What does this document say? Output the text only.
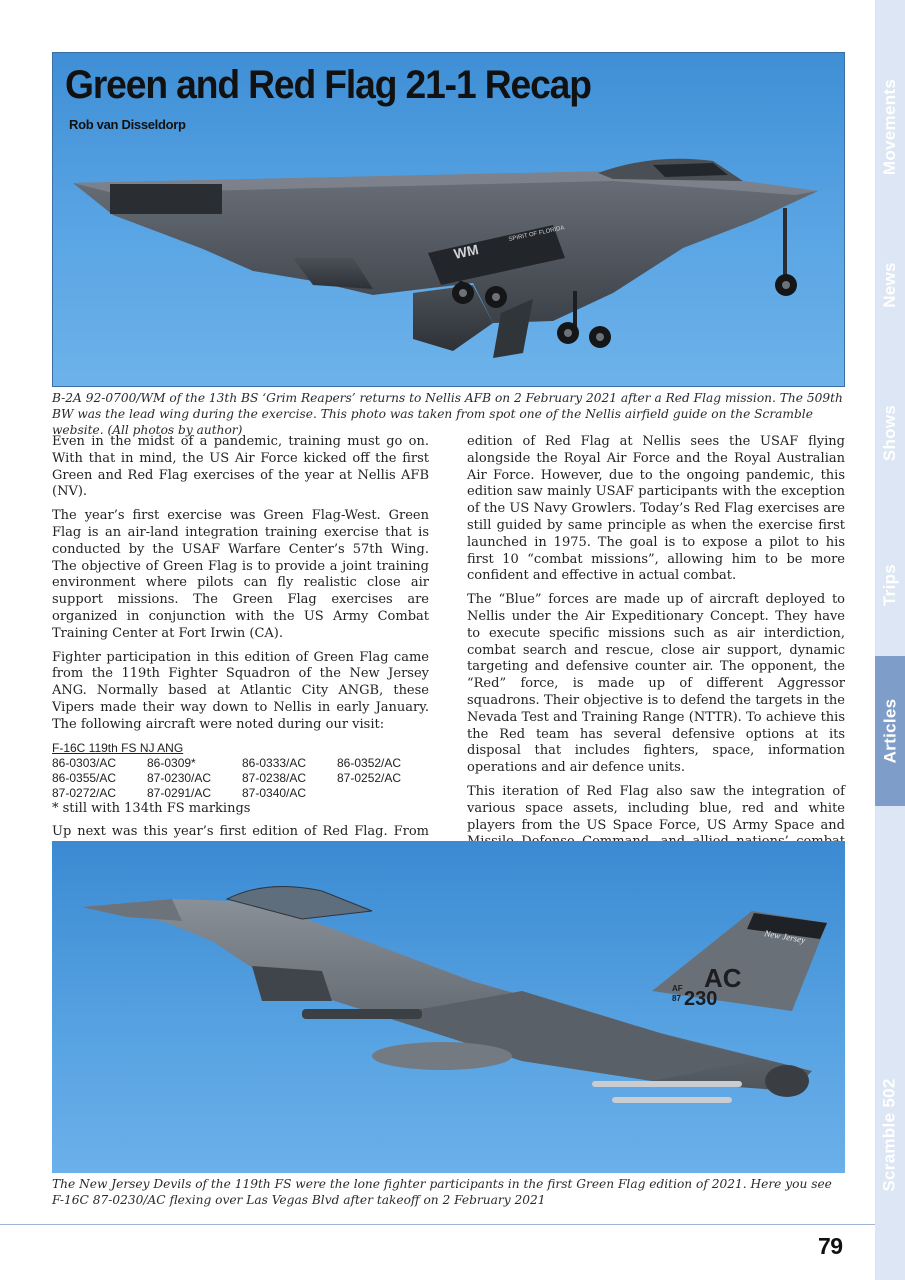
WM
SPIRIT OF FLORIDA
Green and Red Flag 21-1 Recap
Rob van Disseldorp
B-2A 92-0700/WM of the 13th BS ‘Grim Reapers’ returns to Nellis AFB on 2 February 2021 after a Red Flag mission. The 509th BW was the lead wing during the exercise. This photo was taken from spot one of the Nellis airfield guide on the Scramble website. (All photos by author)

Even in the midst of a pandemic, training must go on. With that in mind, the US Air Force kicked off the first Green and Red Flag exercises of the year at Nellis AFB (NV).

The year’s first exercise was Green Flag-West. Green Flag is an air-land integration training exercise that is conducted by the USAF Warfare Center’s 57th Wing. The objective of Green Flag is to provide a joint training environment where pilots can fly realistic close air support missions. The Green Flag exercises are organized in conjunction with the US Army Combat Training Center at Fort Irwin (CA).

Fighter participation in this edition of Green Flag came from the 119th Fighter Squadron of the New Jersey ANG. Normally based at Atlantic City ANGB, these Vipers made their way down to Nellis in early January. The following aircraft were noted during our visit:

F-16C 119th FS NJ ANG
86-0303/AC	86-0309*	86-0333/AC	86-0352/AC
86-0355/AC	87-0230/AC	87-0238/AC	87-0252/AC
87-0272/AC	87-0291/AC	87-0340/AC
* still with 134th FS markings

Up next was this year’s first edition of Red Flag. From

edition of Red Flag at Nellis sees the USAF flying alongside the Royal Air Force and the Royal Australian Air Force. However, due to the ongoing pandemic, this edition saw mainly USAF participants with the exception of the US Navy Growlers. Today’s Red Flag exercises are still guided by same principle as when the exercise first launched in 1975. The goal is to expose a pilot to his first 10 “combat missions”, allowing him to be more confident and effective in actual combat.

The “Blue” forces are made up of aircraft deployed to Nellis under the Air Expeditionary Concept. They have to execute specific missions such as air interdiction, combat search and rescue, close air support, dynamic targeting and defensive counter air. The opponent, the “Red” force, is made up of different Aggressor squadrons. Their objective is to defend the targets in the Nevada Test and Training Range (NTTR). To achieve this the Red team has several defensive options at its disposal that includes fighters, space, information operations and air defence units.

This iteration of Red Flag also saw the integration of various space assets, including blue, red and white players from the US Space Force, US Army Space and

New Jersey
AC
AF
87 230
The New Jersey Devils of the 119th FS were the lone fighter participants in the first Green Flag edition of 2021. Here you see F-16C 87-0230/AC flexing over Las Vegas Blvd after takeoff on 2 February 2021
79
Movements
News
Shows
Trips
Articles
Scramble 502
